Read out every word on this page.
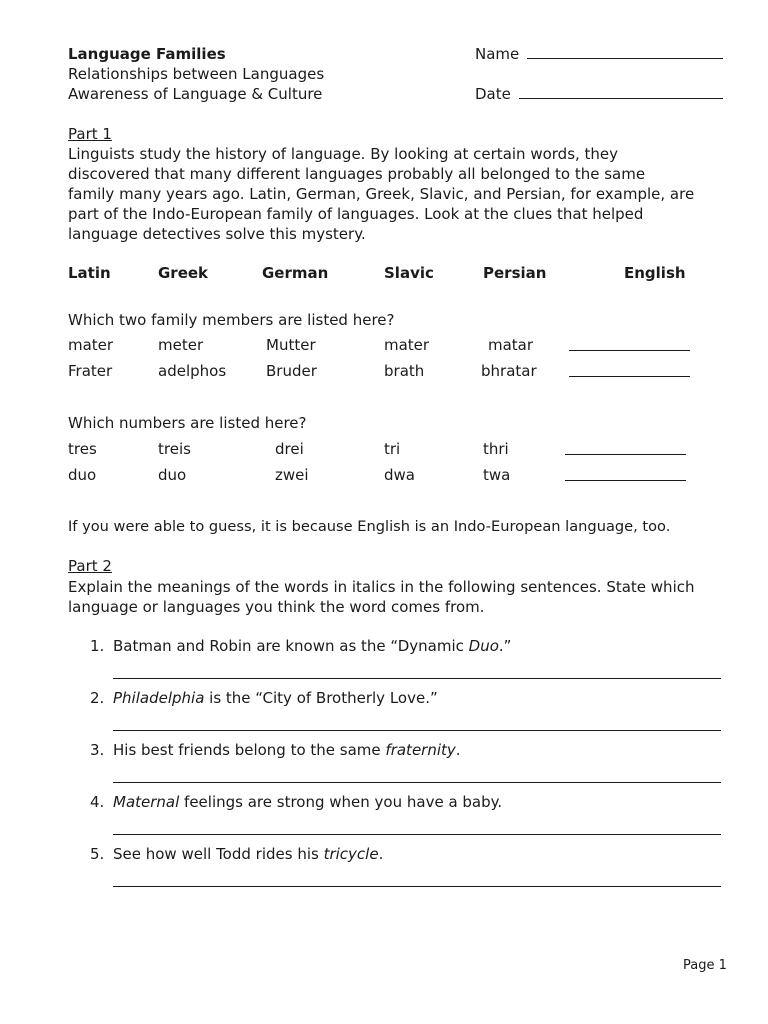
Language Families
Relationships between Languages
Awareness of Language & Culture
Name
Date
Part 1
Linguists study the history of language. By looking at certain words, they
discovered that many different languages probably all belonged to the same
family many years ago. Latin, German, Greek, Slavic, and Persian, for example, are
part of the Indo-European family of languages. Look at the clues that helped
language detectives solve this mystery.
Latin	Greek	German	Slavic	Persian	English
Which two family members are listed here?
mater	meter	Mutter	mater	matar
Frater	adelphos	Bruder	brath	bhratar
Which numbers are listed here?
tres	treis	drei	tri	thri
duo	duo	zwei	dwa	twa
If you were able to guess, it is because English is an Indo-European language, too.
Part 2
Explain the meanings of the words in italics in the following sentences. State which
language or languages you think the word comes from.
1. Batman and Robin are known as the “Dynamic Duo.”
2. Philadelphia is the “City of Brotherly Love.”
3. His best friends belong to the same fraternity.
4. Maternal feelings are strong when you have a baby.
5. See how well Todd rides his tricycle.
Page 1
